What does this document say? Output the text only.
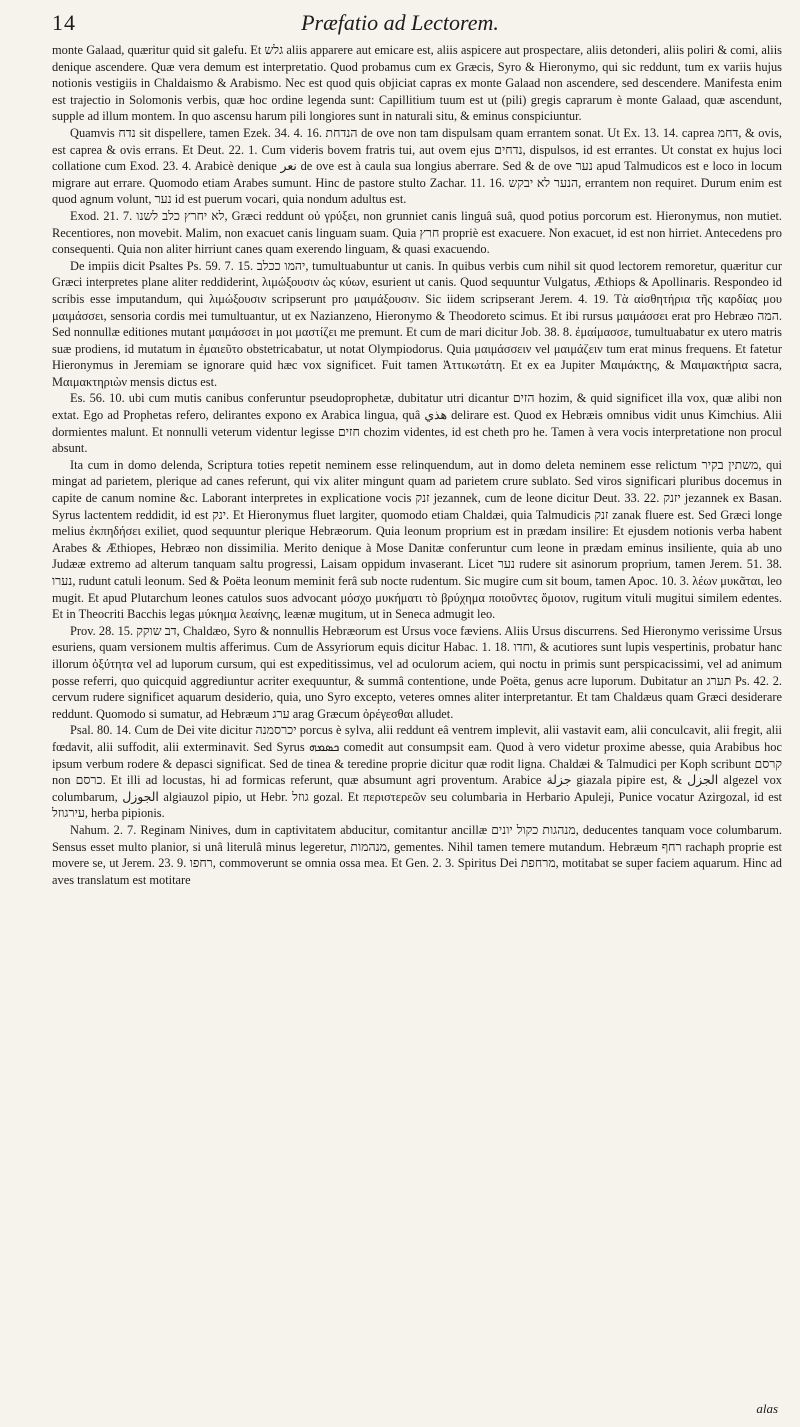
14	Præfatio ad Lectorem.

monte Galaad, quæritur quid sit galefu. Et גלש aliis apparere aut emicare est, aliis aspicere aut prospectare, aliis detonderi, aliis poliri & comi, aliis denique ascendere. Quæ vera demum est interpretatio. Quod probamus cum ex Græcis, Syro & Hieronymo, qui sic reddunt, tum ex variis hujus notionis vestigiis in Chaldaismo & Arabismo. Nec est quod quis objiciat capras ex monte Galaad non ascendere, sed descendere. Manifesta enim est trajectio in Solomonis verbis, quæ hoc ordine legenda sunt: Capillitium tuum est ut (pili) gregis caprarum è monte Galaad, quæ ascendunt, supple ad illum montem. In quo ascensu harum pili longiores sunt in naturali situ, & eminus conspiciuntur.

Quamvis נדח sit dispellere, tamen Ezek. 34. 4. 16. הנדחת de ove non tam dispulsam quam errantem sonat. Ut Ex. 13. 14. caprea דחמ, & ovis, est caprea & ovis errans. Et Deut. 22. 1. Cum videris bovem fratris tui, aut ovem ejus נדחים, dispulsos, id est errantes. Ut constat ex hujus loci collatione cum Exod. 23. 4. Arabicè denique نعر de ove est à caula sua longius aberrare. Sed & de ove נער apud Talmudicos est e loco in locum migrare aut errare. Quomodo etiam Arabes sumunt. Hinc de pastore stulto Zachar. 11. 16. הנער לא יבקש, errantem non requiret. Durum enim est quod agnum volunt, נער id est puerum vocari, quia nondum adultus est.

Exod. 21. 7. לא יחרץ כלב לשנו, Græci reddunt οὐ γρύξει, non grunniet canis linguâ suâ, quod potius porcorum est. Hieronymus, non mutiet. Recentiores, non movebit. Malim, non exacuet canis linguam suam. Quia חרץ propriè est exacuere. Non exacuet, id est non hirriet. Antecedens pro consequenti. Quia non aliter hirriunt canes quam exerendo linguam, & quasi exacuendo.

De impiis dicit Psaltes Ps. 59. 7. 15. יהמו ככלב, tumultuabuntur ut canis. In quibus verbis cum nihil sit quod lectorem remoretur, quæritur cur Græci interpretes plane aliter reddiderint, λιμώξουσιν ὡς κύων, esurient ut canis. Quod sequuntur Vulgatus, Æthiops & Apollinaris. Respondeo id scribis esse imputandum, qui λιμώξουσιν scripserunt pro μαιμάξουσιν. Sic iidem scripserant Jerem. 4. 19. Τὰ αἰσθητήρια τῆς καρδίας μου μαιμάσσει, sensoria cordis mei tumultuantur, ut ex Nazianzeno, Hieronymo & Theodoreto scimus. Et ibi rursus μαιμάσσει erat pro Hebræo המה. Sed nonnullæ editiones mutant μαιμάσσει in μοι μαστίζει me premunt. Et cum de mari dicitur Job. 38. 8. ἐμαίμασσε, tumultuabatur ex utero matris suæ prodiens, id mutatum in ἐμαιεῦτο obstetricabatur, ut notat Olympiodorus. Quia μαιμάσσειν vel μαιμάζειν tum erat minus frequens. Et fatetur Hieronymus in Jeremiam se ignorare quid hæc vox significet. Fuit tamen Ἀττικωτάτη. Et ex ea Jupiter Μαιμάκτης, & Μαιμακτήρια sacra, Μαιμακτηριὼν mensis dictus est.

Es. 56. 10. ubi cum mutis canibus conferuntur pseudoprophetæ, dubitatur utri dicantur הזים hozim, & quid significet illa vox, quæ alibi non extat. Ego ad Prophetas refero, delirantes expono ex Arabica lingua, quâ هذي delirare est. Quod ex Hebræis omnibus vidit unus Kimchius. Alii dormientes malunt. Et nonnulli veterum videntur legisse חזים chozim videntes, id est cheth pro he. Tamen à vera vocis interpretatione non procul absunt.

Ita cum in domo delenda, Scriptura toties repetit neminem esse relinquendum, aut in domo deleta neminem esse relictum משתין בקיר, qui mingat ad parietem, plerique ad canes referunt, qui vix aliter mingunt quam ad parietem crure sublato. Sed viros significari pluribus docemus in capite de canum nomine &c. Laborant interpretes in explicatione vocis זנק jezannek, cum de leone dicitur Deut. 33. 22. יזנק jezannek ex Basan. Syrus lactentem reddidit, id est ינק. Et Hieronymus fluet largiter, quomodo etiam Chaldæi, quia Talmudicis זנק zanak fluere est. Sed Græci longe melius ἐκπηδήσει exiliet, quod sequuntur plerique Hebræorum. Quia leonum proprium est in prædam insilire: Et ejusdem notionis verba habent Arabes & Æthiopes, Hebræo non dissimilia. Merito denique à Mose Danitæ conferuntur cum leone in prædam eminus insiliente, quia ab uno Judææ extremo ad alterum tanquam saltu progressi, Laisam oppidum invaserant. Licet נער rudere sit asinorum proprium, tamen Jerem. 51. 38. נערו, rudunt catuli leonum. Sed & Poëta leonum meminit ferâ sub nocte rudentum. Sic mugire cum sit boum, tamen Apoc. 10. 3. λέων μυκᾶται, leo mugit. Et apud Plutarchum leones catulos suos advocant μόσχο μυκήματι τὸ βρύχημα ποιοῦντες ὅμοιον, rugitum vituli mugitui similem edentes. Et in Theocriti Bacchis legas μύκημα λεαίνης, leænæ mugitum, ut in Seneca admugit leo.

Prov. 28. 15. דב שוקק, Chaldæo, Syro & nonnullis Hebræorum est Ursus voce fæviens. Aliis Ursus discurrens. Sed Hieronymo verissime Ursus esuriens, quam versionem multis afferimus. Cum de Assyriorum equis dicitur Habac. 1. 18. וחדו, & acutiores sunt lupis vespertinis, probatur hanc illorum ὀξύτητα vel ad luporum cursum, qui est expeditissimus, vel ad oculorum aciem, qui noctu in primis sunt perspicacissimi, vel ad animum posse referri, quo quicquid aggrediuntur acriter exequuntur, & summâ contentione, unde Poëta, genus acre luporum. Dubitatur an תערג Ps. 42. 2. cervum rudere significet aquarum desiderio, quia, uno Syro excepto, veteres omnes aliter interpretantur. Et tam Chaldæus quam Græci desiderare reddunt. Quomodo si sumatur, ad Hebræum ערג arag Græcum ὀρέγεσθαι alludet.

Psal. 80. 14. Cum de Dei vite dicitur יכרסמנה porcus è sylva, alii reddunt eâ ventrem implevit, alii vastavit eam, alii conculcavit, alii fregit, alii fœdavit, alii suffodit, alii exterminavit. Sed Syrus ܟܣܡܗ comedit aut consumpsit eam. Quod à vero videtur proxime abesse, quia Arabibus hoc ipsum verbum rodere & depasci significat. Sed de tinea & teredine proprie dicitur quæ rodit ligna. Chaldæi & Talmudici per Koph scribunt קרסם non כרסם. Et illi ad locustas, hi ad formicas referunt, quæ absumunt agri proventum. Arabice جزلة giazala pipire est, & الجزل algezel vox columbarum, الجوزل algiauzol pipio, ut Hebr. גוזל gozal. Et περιστερεῶν seu columbaria in Herbario Apuleji, Punice vocatur Azirgozal, id est עירגוזל, herba pipionis.

Nahum. 2. 7. Reginam Ninives, dum in captivitatem abducitur, comitantur ancillæ מנהגות כקול יונים, deducentes tanquam voce columbarum. Sensus esset multo planior, si unâ literulâ minus legeretur, מנהמות, gementes. Nihil tamen temere mutandum. Hebræum רחף rachaph proprie est movere se, ut Jerem. 23. 9. רחפו, commoverunt se omnia ossa mea. Et Gen. 2. 3. Spiritus Dei מרחפת, motitabat se super faciem aquarum. Hinc ad aves translatum est motitare

alas
